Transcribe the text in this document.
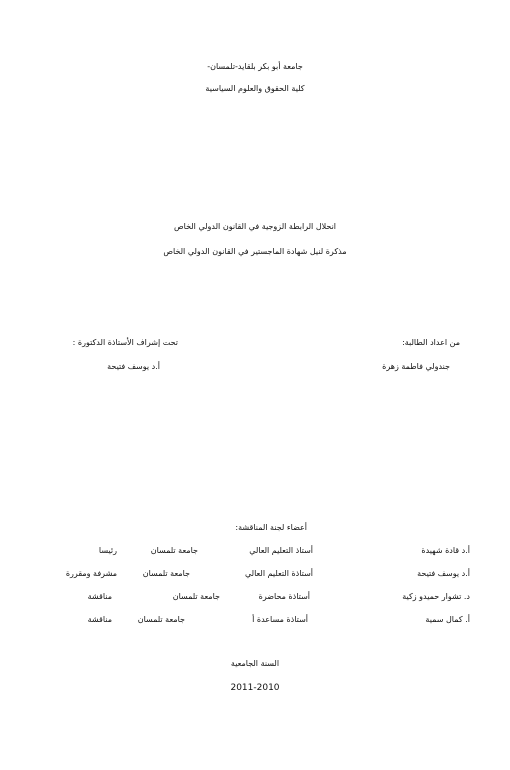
جامعة أبو بكر بلقايد-تلمسان-
كلية الحقوق والعلوم السياسية
انحلال الرابطة الزوجية في القانون الدولي الخاص
مذكرة لنيل شهادة الماجستير في القانون الدولي الخاص
من اعداد الطالبة:
جندولي فاطمة زهرة
تحت إشراف الأستاذة الدكتورة :
أ.د يوسف فتيحة
أعضاء لجنة المناقشة:
أ.د قادة شهيدة
أستاذ التعليم العالي
جامعة تلمسان
رئيسا
أ.د يوسف فتيحة
أستاذة التعليم العالي
جامعة تلمسان
مشرفة ومقررة
د. تشوار حميدو زكية
أستاذة محاضرة
جامعة تلمسان
مناقشة
أ. كمال سمية
أستاذة مساعدة أ
جامعة تلمسان
مناقشة
السنة الجامعية
2011-2010
